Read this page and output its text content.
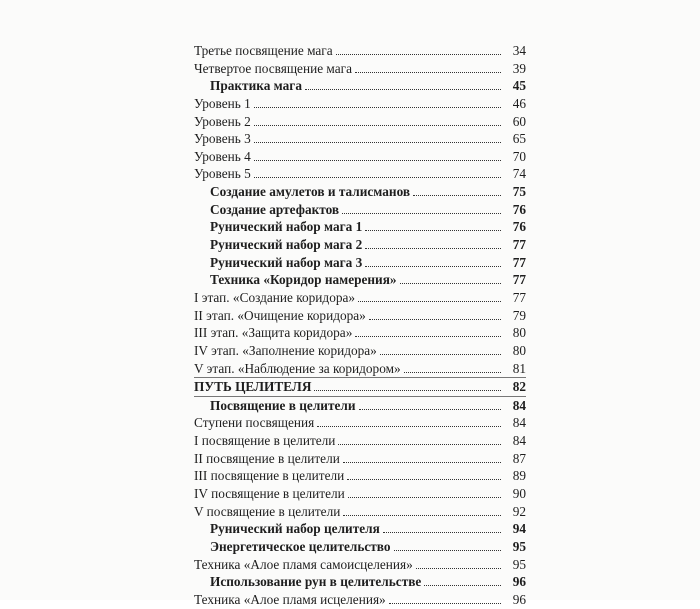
Третье посвящение мага	34
Четвертое посвящение мага	39
Практика мага	45
Уровень 1	46
Уровень 2	60
Уровень 3	65
Уровень 4	70
Уровень 5	74
Создание амулетов и талисманов	75
Создание артефактов	76
Рунический набор мага 1	76
Рунический набор мага 2	77
Рунический набор мага 3	77
Техника «Коридор намерения»	77
I этап. «Создание коридора»	77
II этап. «Очищение коридора»	79
III этап. «Защита коридора»	80
IV этап. «Заполнение коридора»	80
V этап. «Наблюдение за коридором»	81
ПУТЬ ЦЕЛИТЕЛЯ	82
Посвящение в целители	84
Ступени посвящения	84
I посвящение в целители	84
II посвящение в целители	87
III посвящение в целители	89
IV посвящение в целители	90
V посвящение в целители	92
Рунический набор целителя	94
Энергетическое целительство	95
Техника «Алое пламя самоисцеления»	95
Использование рун в целительстве	96
Техника «Алое пламя исцеления»	96
